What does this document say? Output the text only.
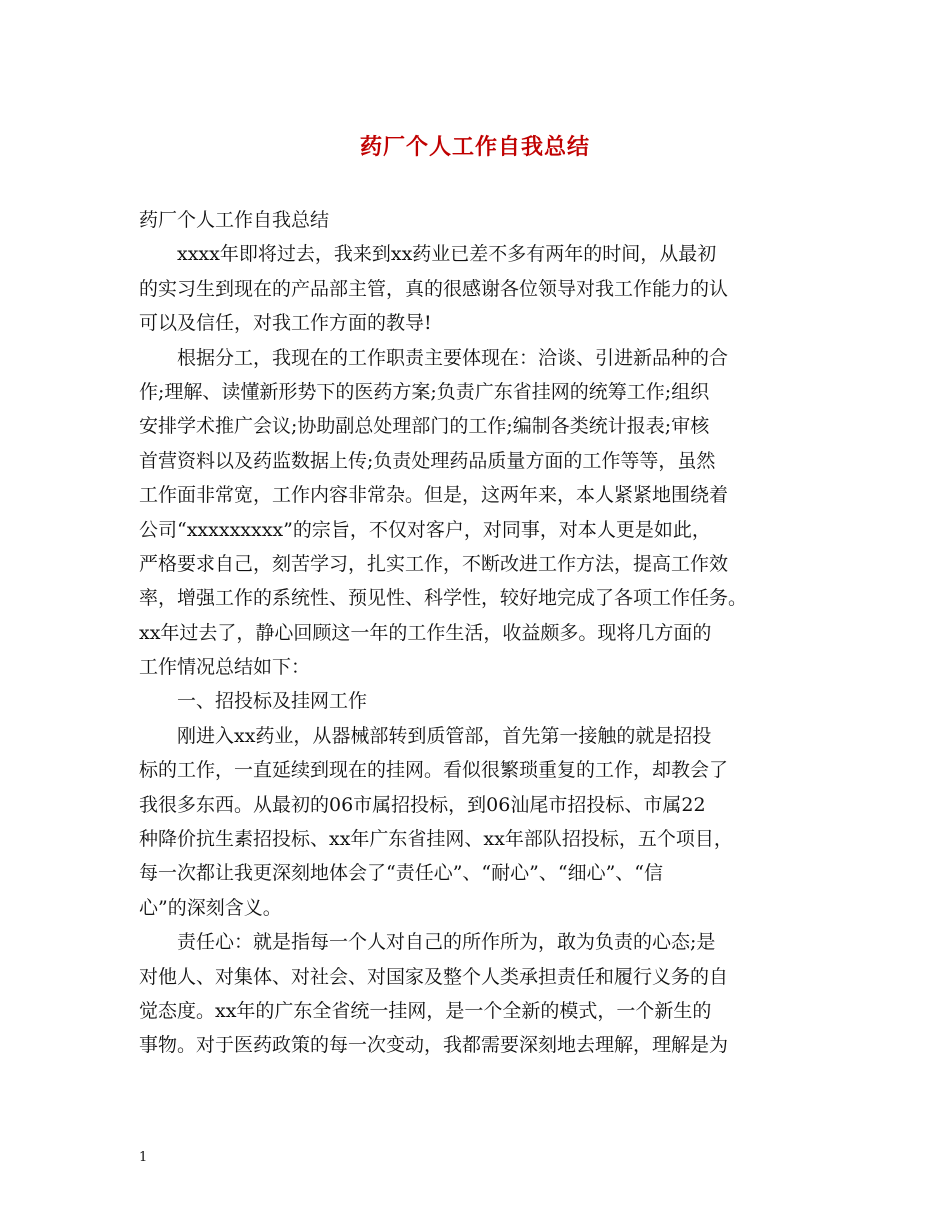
药厂个人工作自我总结
药厂个人工作自我总结
xxxx年即将过去，我来到xx药业已差不多有两年的时间，从最初
的实习生到现在的产品部主管，真的很感谢各位领导对我工作能力的认
可以及信任，对我工作方面的教导!
根据分工，我现在的工作职责主要体现在：洽谈、引进新品种的合
作;理解、读懂新形势下的医药方案;负责广东省挂网的统筹工作;组织
安排学术推广会议;协助副总处理部门的工作;编制各类统计报表;审核
首营资料以及药监数据上传;负责处理药品质量方面的工作等等，虽然
工作面非常宽，工作内容非常杂。但是，这两年来，本人紧紧地围绕着
公司“xxxxxxxxx”的宗旨，不仅对客户，对同事，对本人更是如此，
严格要求自己，刻苦学习，扎实工作，不断改进工作方法，提高工作效
率，增强工作的系统性、预见性、科学性，较好地完成了各项工作任务。
xx年过去了，静心回顾这一年的工作生活，收益颇多。现将几方面的
工作情况总结如下：
一、招投标及挂网工作
刚进入xx药业，从器械部转到质管部，首先第一接触的就是招投
标的工作，一直延续到现在的挂网。看似很繁琐重复的工作，却教会了
我很多东西。从最初的06市属招投标，到06汕尾市招投标、市属22
种降价抗生素招投标、xx年广东省挂网、xx年部队招投标，五个项目，
每一次都让我更深刻地体会了“责任心”、“耐心”、“细心”、“信
心”的深刻含义。
责任心：就是指每一个人对自己的所作所为，敢为负责的心态;是
对他人、对集体、对社会、对国家及整个人类承担责任和履行义务的自
觉态度。xx年的广东全省统一挂网，是一个全新的模式，一个新生的
事物。对于医药政策的每一次变动，我都需要深刻地去理解，理解是为
1
